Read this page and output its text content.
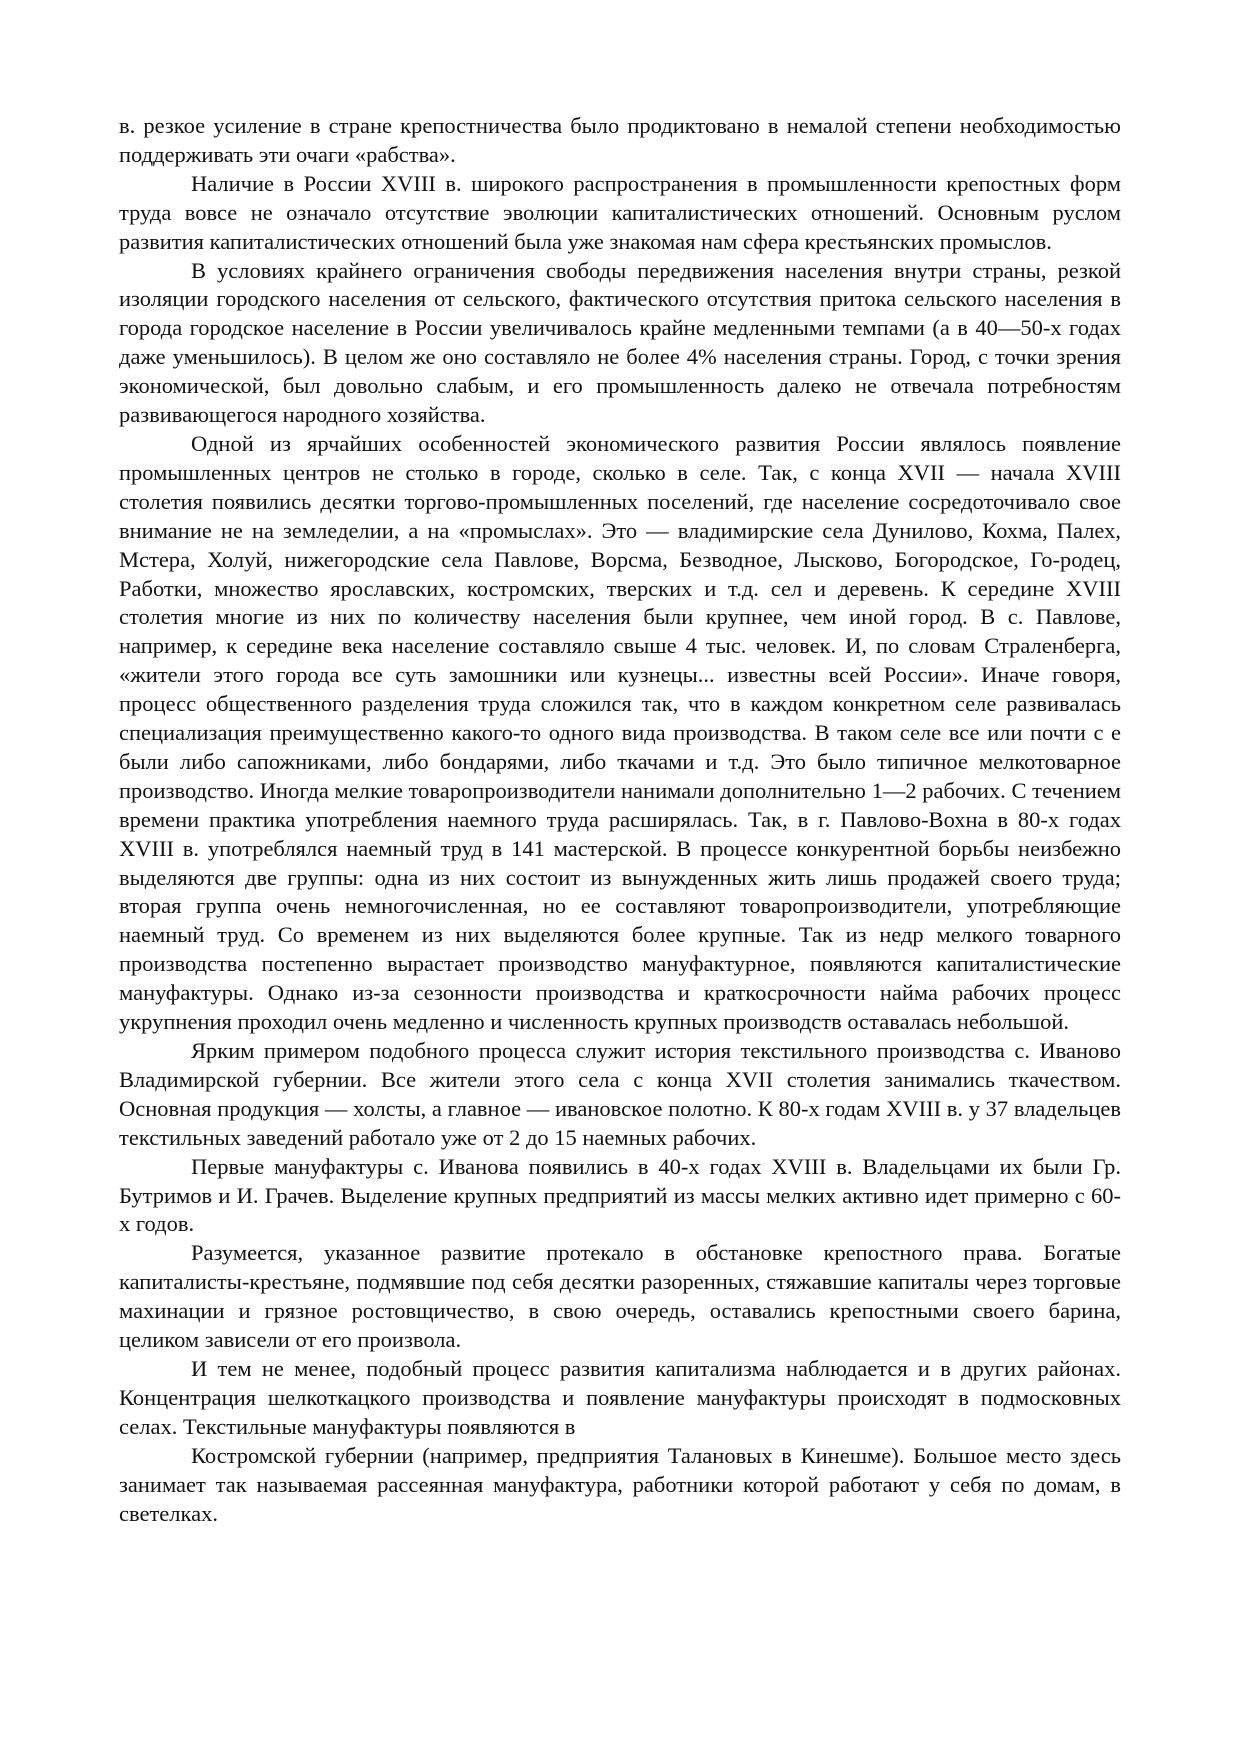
в. резкое усиление в стране крепостничества было продиктовано в немалой степени необходимостью поддерживать эти очаги «рабства».

Наличие в России XVIII в. широкого распространения в промышленности крепостных форм труда вовсе не означало отсутствие эволюции капиталистических отношений. Основным руслом развития капиталистических отношений была уже знакомая нам сфера крестьянских промыслов.

В условиях крайнего ограничения свободы передвижения населения внутри страны, резкой изоляции городского населения от сельского, фактического отсутствия притока сельского населения в города городское население в России увеличивалось крайне медленными темпами (а в 40—50-х годах даже уменьшилось). В целом же оно составляло не более 4% населения страны. Город, с точки зрения экономической, был довольно слабым, и его промышленность далеко не отвечала потребностям развивающегося народного хозяйства.

Одной из ярчайших особенностей экономического развития России являлось появление промышленных центров не столько в городе, сколько в селе. Так, с конца XVII — начала XVIII столетия появились десятки торгово-промышленных поселений, где население сосредоточивало свое внимание не на земледелии, а на «промыслах». Это — владимирские села Дунилово, Кохма, Палех, Мстера, Холуй, нижегородские села Павлове, Ворсма, Безводное, Лысково, Богородское, Го-родец, Работки, множество ярославских, костромских, тверских и т.д. сел и деревень. К середине XVIII столетия многие из них по количеству населения были крупнее, чем иной город. В с. Павлове, например, к середине века население составляло свыше 4 тыс. человек. И, по словам Страленберга, «жители этого города все суть замошники или кузнецы... известны всей России». Иначе говоря, процесс общественного разделения труда сложился так, что в каждом конкретном селе развивалась специализация преимущественно какого-то одного вида производства. В таком селе все или почти с е были либо сапожниками, либо бондарями, либо ткачами и т.д. Это было типичное мелкотоварное производство. Иногда мелкие товаропроизводители нанимали дополнительно 1—2 рабочих. С течением времени практика употребления наемного труда расширялась. Так, в г. Павлово-Вохна в 80-х годах XVIII в. употреблялся наемный труд в 141 мастерской. В процессе конкурентной борьбы неизбежно выделяются две группы: одна из них состоит из вынужденных жить лишь продажей своего труда; вторая группа очень немногочисленная, но ее составляют товаропроизводители, употребляющие наемный труд. Со временем из них выделяются более крупные. Так из недр мелкого товарного производства постепенно вырастает производство мануфактурное, появляются капиталистические мануфактуры. Однако из-за сезонности производства и краткосрочности найма рабочих процесс укрупнения проходил очень медленно и численность крупных производств оставалась небольшой.

Ярким примером подобного процесса служит история текстильного производства с. Иваново Владимирской губернии. Все жители этого села с конца XVII столетия занимались ткачеством. Основная продукция — холсты, а главное — ивановское полотно. К 80-х годам XVIII в. у 37 владельцев текстильных заведений работало уже от 2 до 15 наемных рабочих.

Первые мануфактуры с. Иванова появились в 40-х годах XVIII в. Владельцами их были Гр. Бутримов и И. Грачев. Выделение крупных предприятий из массы мелких активно идет примерно с 60-х годов.

Разумеется, указанное развитие протекало в обстановке крепостного права. Богатые капиталисты-крестьяне, подмявшие под себя десятки разоренных, стяжавшие капиталы через торговые махинации и грязное ростовщичество, в свою очередь, оставались крепостными своего барина, целиком зависели от его произвола.

И тем не менее, подобный процесс развития капитализма наблюдается и в других районах. Концентрация шелкоткацкого производства и появление мануфактуры происходят в подмосковных селах. Текстильные мануфактуры появляются в

Костромской губернии (например, предприятия Талановых в Кинешме). Большое место здесь занимает так называемая рассеянная мануфактура, работники которой работают у себя по домам, в светелках.
